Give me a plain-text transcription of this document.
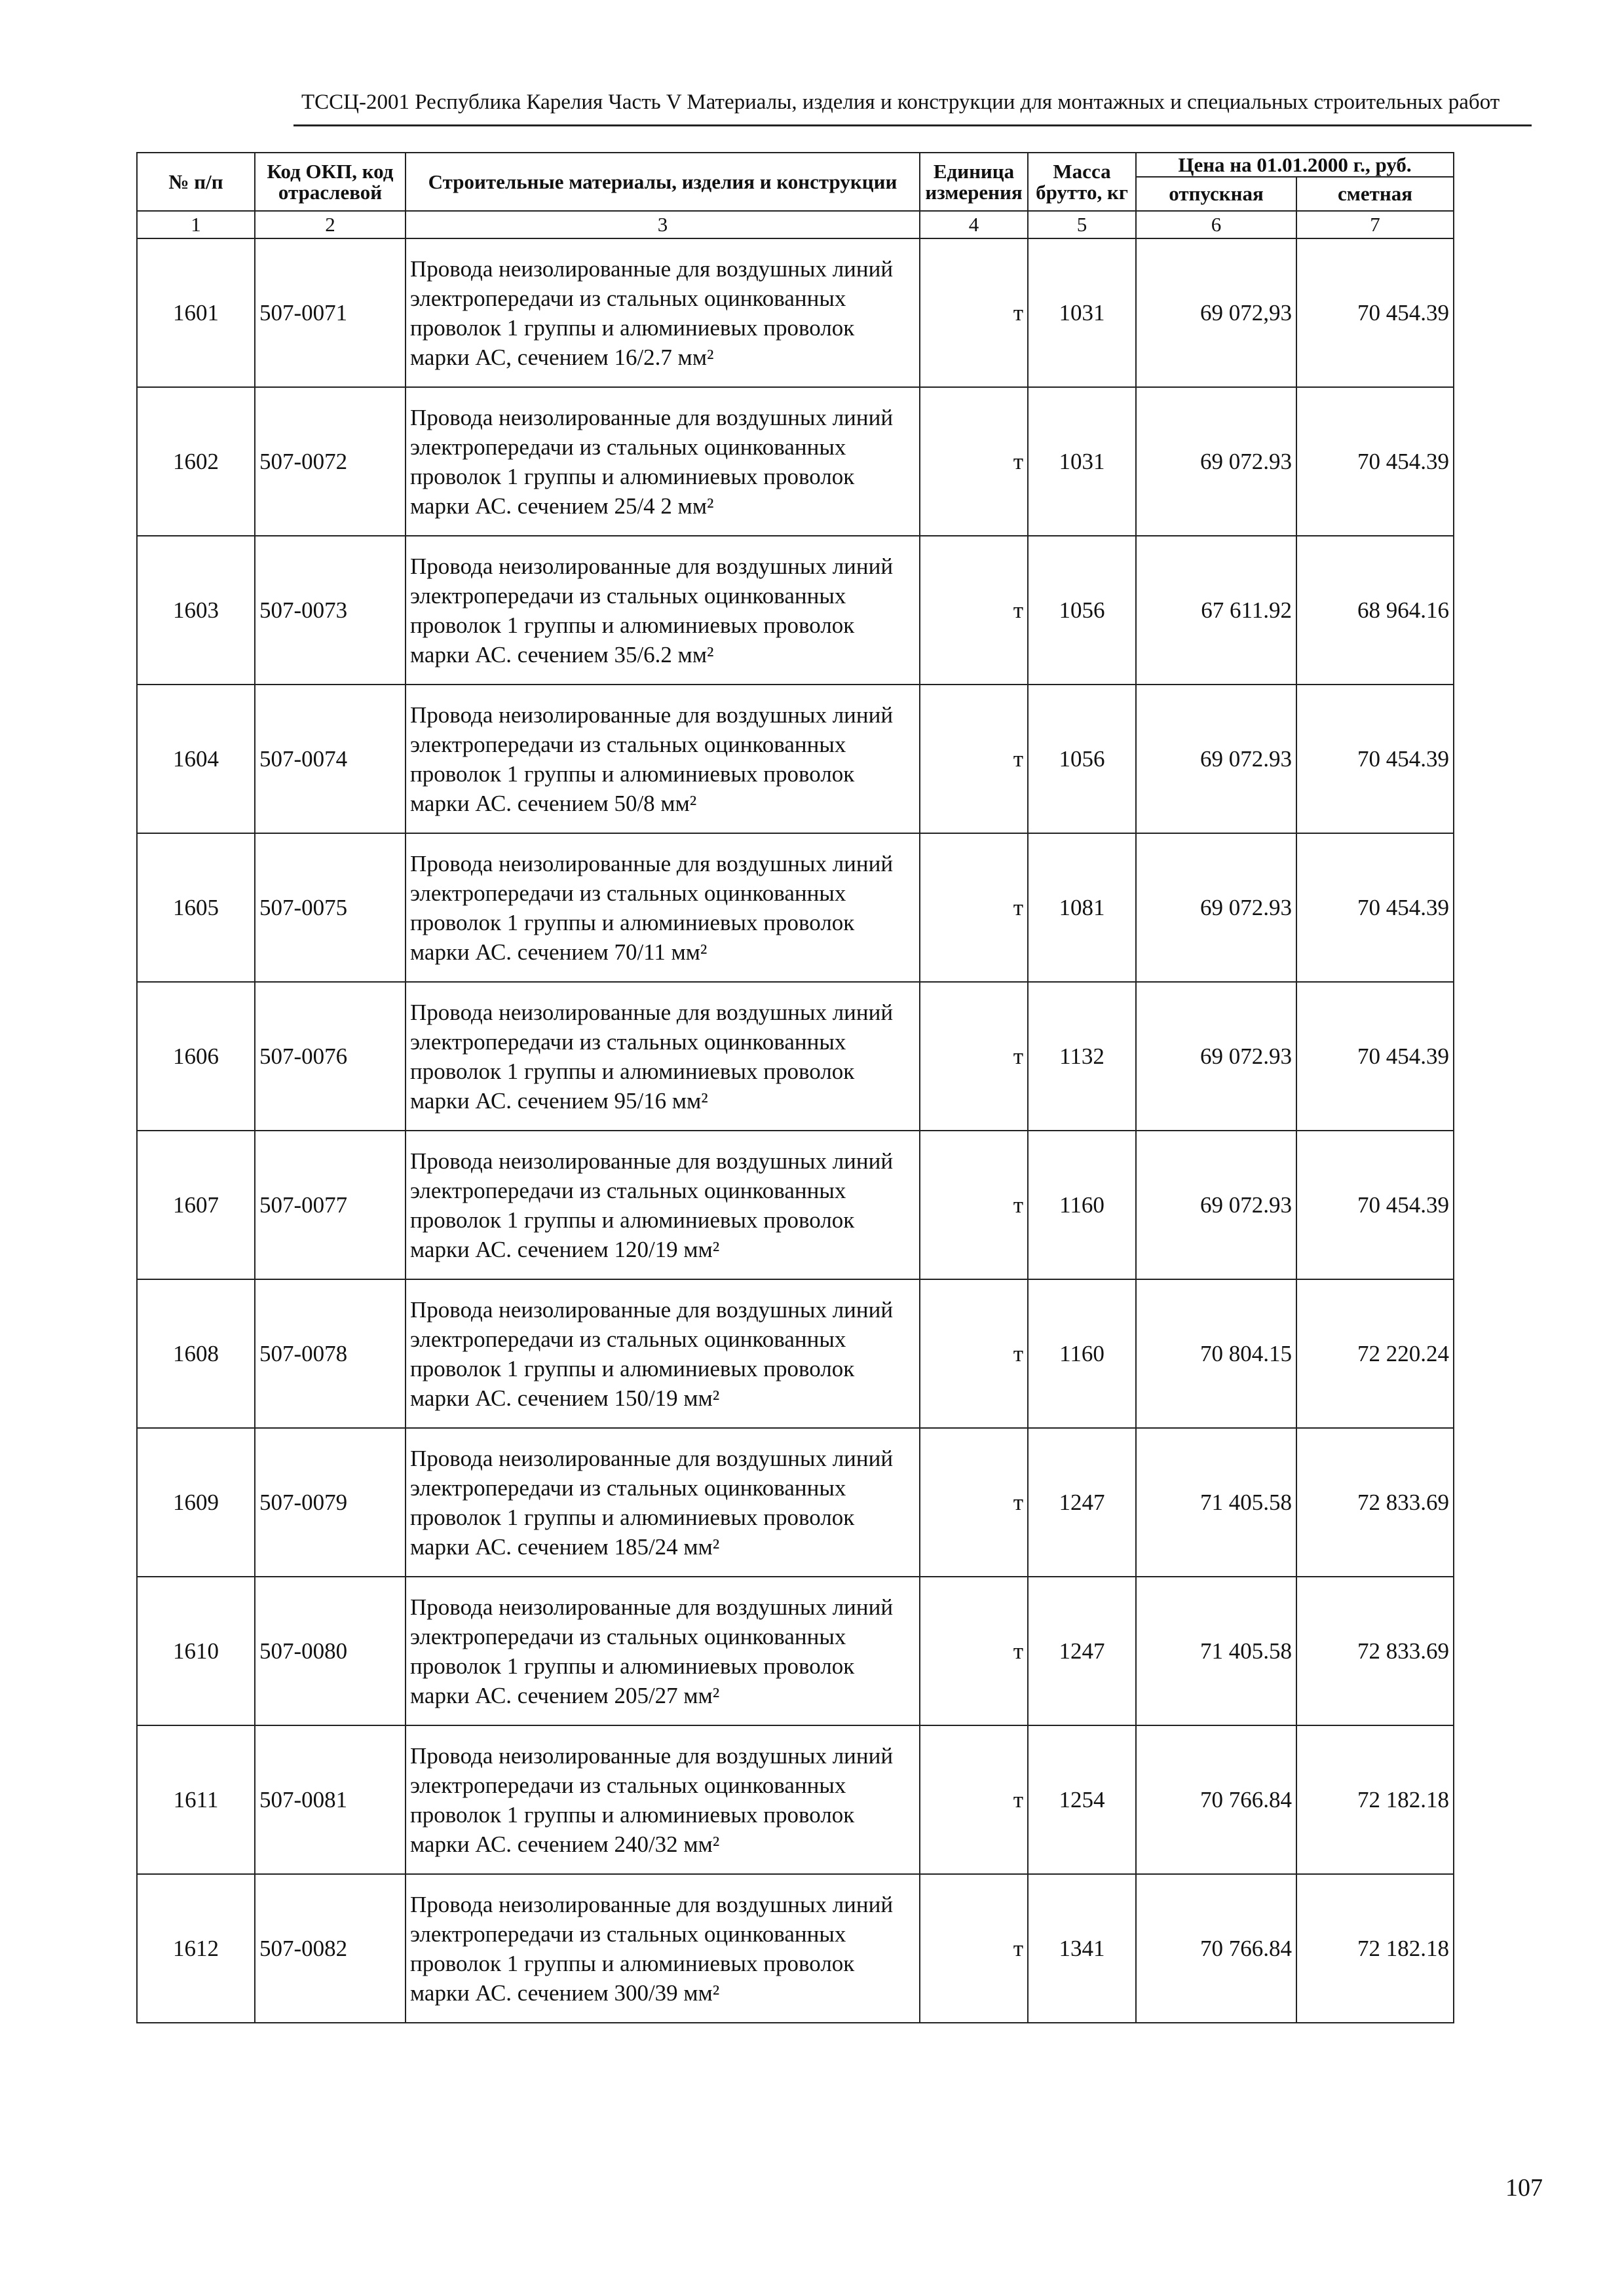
ТССЦ-2001 Республика Карелия Часть V Материалы, изделия и конструкции для монтажных и специальных строительных работ
№ п/п	Код ОКП, код отраслевой	Строительные материалы, изделия и конструкции	Единица измерения	Масса брутто, кг	Цена на 01.01.2000 г., руб.	
					отпускная	сметная
1	2	3	4	5	6	7
1601	507-0071	Провода неизолированные для воздушных линий электропередачи из стальных оцинкованных проволок 1 группы и алюминиевых проволок марки АС, сечением 16/2.7 мм²	т	1031	69 072,93	70 454.39
1602	507-0072	Провода неизолированные для воздушных линий электропередачи из стальных оцинкованных проволок 1 группы и алюминиевых проволок марки АС. сечением 25/4 2 мм²	т	1031	69 072.93	70 454.39
1603	507-0073	Провода неизолированные для воздушных линий электропередачи из стальных оцинкованных проволок 1 группы и алюминиевых проволок марки АС. сечением 35/6.2 мм²	т	1056	67 611.92	68 964.16
1604	507-0074	Провода неизолированные для воздушных линий электропередачи из стальных оцинкованных проволок 1 группы и алюминиевых проволок марки АС. сечением 50/8 мм²	т	1056	69 072.93	70 454.39
1605	507-0075	Провода неизолированные для воздушных линий электропередачи из стальных оцинкованных проволок 1 группы и алюминиевых проволок марки АС. сечением 70/11 мм²	т	1081	69 072.93	70 454.39
1606	507-0076	Провода неизолированные для воздушных линий электропередачи из стальных оцинкованных проволок 1 группы и алюминиевых проволок марки АС. сечением 95/16 мм²	т	1132	69 072.93	70 454.39
1607	507-0077	Провода неизолированные для воздушных линий электропередачи из стальных оцинкованных проволок 1 группы и алюминиевых проволок марки АС. сечением 120/19 мм²	т	1160	69 072.93	70 454.39
1608	507-0078	Провода неизолированные для воздушных линий электропередачи из стальных оцинкованных проволок 1 группы и алюминиевых проволок марки АС. сечением 150/19 мм²	т	1160	70 804.15	72 220.24
1609	507-0079	Провода неизолированные для воздушных линий электропередачи из стальных оцинкованных проволок 1 группы и алюминиевых проволок марки АС. сечением 185/24 мм²	т	1247	71 405.58	72 833.69
1610	507-0080	Провода неизолированные для воздушных линий электропередачи из стальных оцинкованных проволок 1 группы и алюминиевых проволок марки АС. сечением 205/27 мм²	т	1247	71 405.58	72 833.69
1611	507-0081	Провода неизолированные для воздушных линий электропередачи из стальных оцинкованных проволок 1 группы и алюминиевых проволок марки АС. сечением 240/32 мм²	т	1254	70 766.84	72 182.18
1612	507-0082	Провода неизолированные для воздушных линий электропередачи из стальных оцинкованных проволок 1 группы и алюминиевых проволок марки АС. сечением 300/39 мм²	т	1341	70 766.84	72 182.18
107
